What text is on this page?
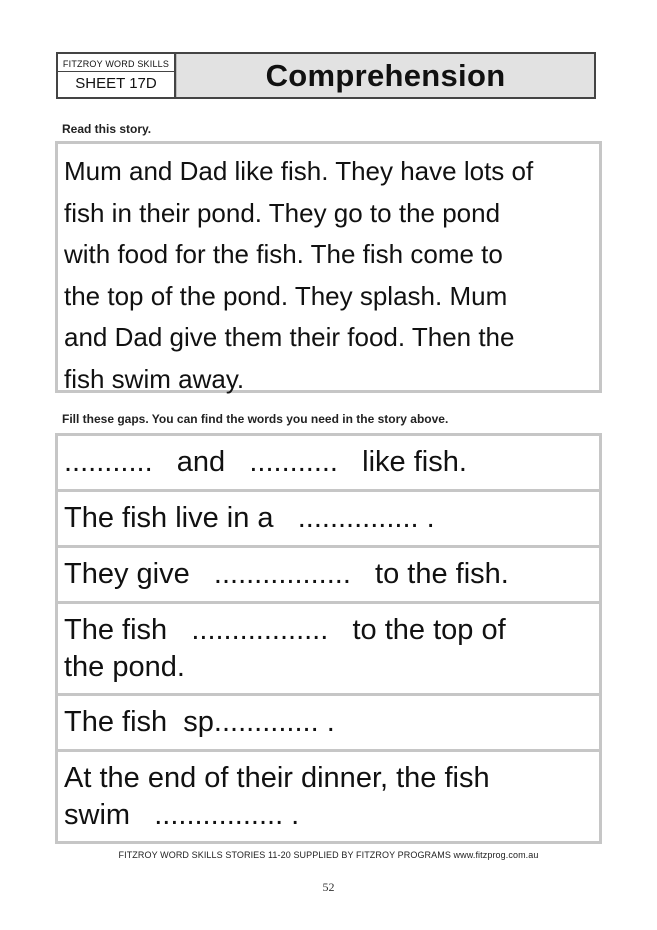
FITZROY WORD SKILLS
SHEET 17D	Comprehension
Read this story.

Mum and Dad like fish. They have lots of
fish in their pond. They go to the pond
with food for the fish. The fish come to
the top of the pond. They splash. Mum
and Dad give them their food. Then the
fish swim away.

Fill these gaps. You can find the words you need in the story above.
...........   and   ...........   like fish.
The fish live in a   ............... .
They give   .................   to the fish.
The fish   .................   to the top of
the pond.
The fish  sp............. .
At the end of their dinner, the fish
swim   ................ .
FITZROY WORD SKILLS STORIES 11-20 SUPPLIED BY FITZROY PROGRAMS www.fitzprog.com.au
52
